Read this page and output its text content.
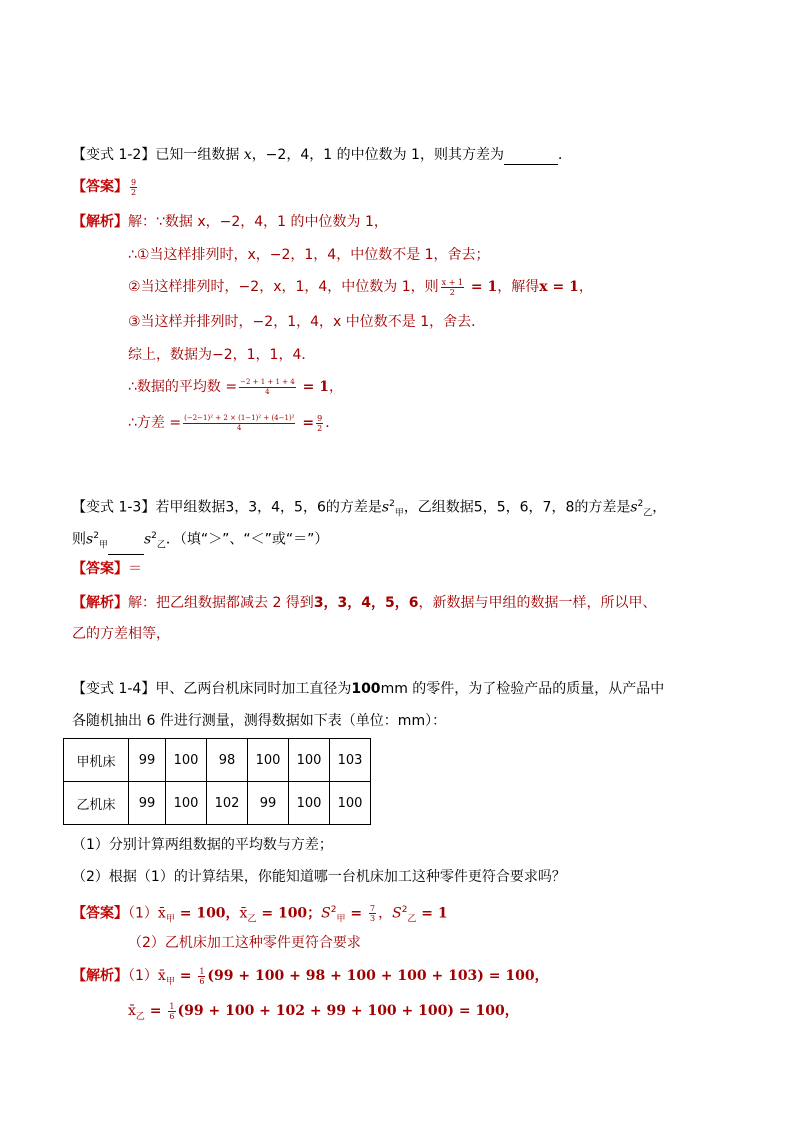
【变式 1-2】已知一组数据 x，−2，4，1 的中位数为 1，则其方差为	．
【答案】 $\frac{9}{2}$
【解析】解：∵数据 x，−2，4，1 的中位数为 1，
∴①当这样排列时，x，−2，1，4，中位数不是 1，舍去；
②当这样排列时，−2，x，1，4，中位数为 1，则 $\frac{x + 1}{2} = 1$，解得x = 1，
③当这样并排列时，−2，1，4，x 中位数不是 1，舍去．
综上，数据为−2，1，1，4．
∴数据的平均数 = $\frac{-2 + 1 + 1 + 4}{4} = 1$，
∴方差 = $\frac{\text{(−2−1)² + 2 × (1−1)² + (4−1)²}}{4} = \frac{9}{2}$ ．
【变式 1-3】若甲组数据3，3，4，5，6的方差是$s^2_甲$，乙组数据5，5，6，7，8的方差是$s^2_乙$，
则$s^2_甲$	$s^2_乙$．（填“＞”、“＜”或“＝”）
【答案】＝
【解析】解：把乙组数据都减去 2 得到3，3，4，5，6，新数据与甲组的数据一样，所以甲、
乙的方差相等，
【变式 1-4】甲、乙两台机床同时加工直径为100mm 的零件，为了检验产品的质量，从产品中
各随机抽出 6 件进行测量，测得数据如下表（单位：mm）：
甲机床	99	100	98	100	100	103
乙机床	99	100	102	99	100	100
（1）分别计算两组数据的平均数与方差；
（2）根据（1）的计算结果，你能知道哪一台机床加工这种零件更符合要求吗？
【答案】$(1)x̄_甲 = 100$，$x̄_乙 = 100$；$S^2_甲 = \frac{7}{3}$ ，$S^2_乙 = 1$
（2）乙机床加工这种零件更符合要求
【解析】$(1)x̄_甲 = \frac{1}{6} (99 + 100 + 98 + 100 + 100 + 103) = 100$，
$x̄_乙 = \frac{1}{6} (99 + 100 + 102 + 99 + 100 + 100) = 100$，
